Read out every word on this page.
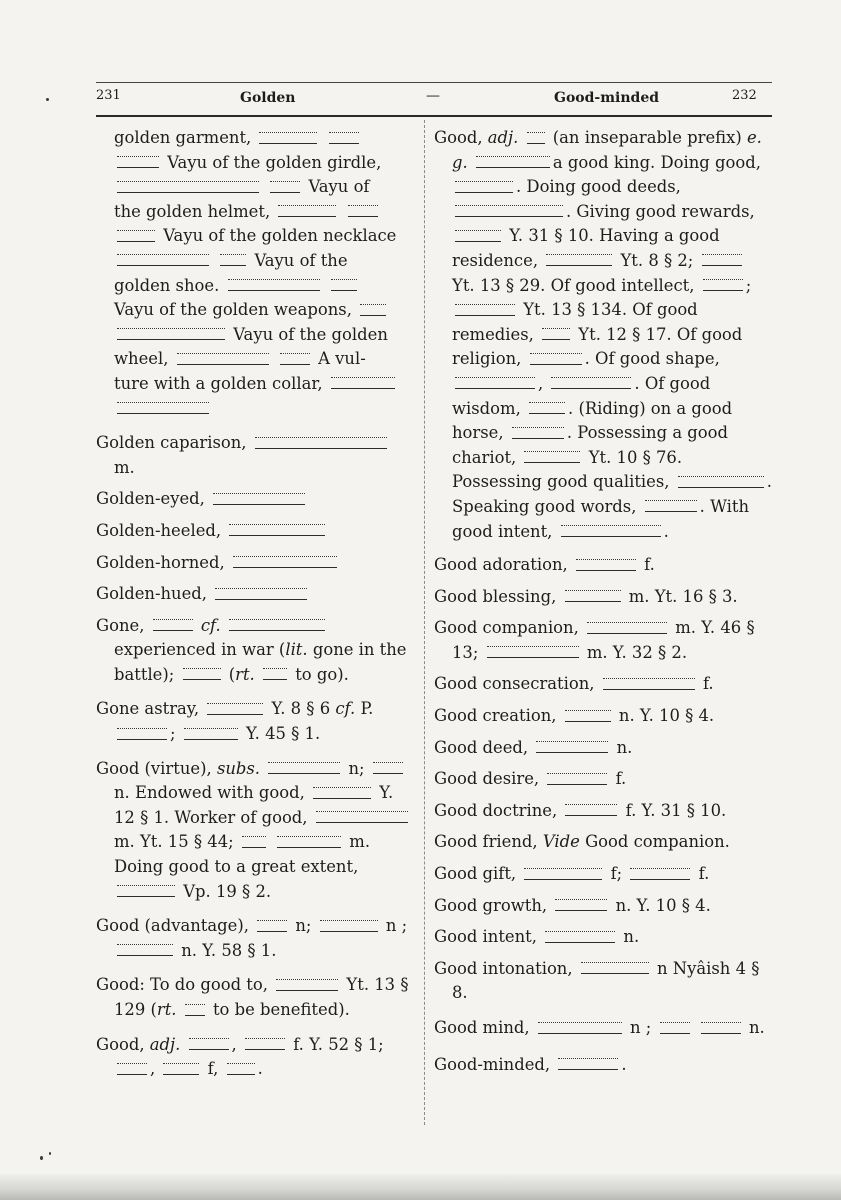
231	Golden	—	Good-minded	232
golden garment,
Vayu of the golden girdle,
Vayu of
the golden helmet,
Vayu of the golden necklace
Vayu of the
golden shoe.
Vayu of the golden weapons,
Vayu of the golden
wheel,	A vul-
ture with a golden collar,

Golden caparison,  m.
Golden-eyed,
Golden-heeled,
Golden-horned,
Golden-hued,
Gone,	cf.  experienced in war (lit. gone in the battle);	(rt. to go).
Gone astray,	Y. 8 § 6 cf. P. ;	Y. 45 § 1.
Good (virtue), subs.	n;  n. Endowed with good,	Y. 12 § 1. Worker of good,  m. Yt. 15 § 44;	m. Doing good to a great extent,  Vp. 19 § 2.
Good (advantage),	n;	n ;  n. Y. 58 § 1.
Good: To do good to,	Yt. 13 § 129 (rt. to be benefited).
Good, adj.	,	f. Y. 52 § 1; ,	f, .
Good, adj. (an inseparable prefix) e. g.	a good king. Doing good, . Doing good deeds, . Giving good rewards,  Y. 31 § 10. Having a good residence,	Yt. 8 § 2;  Yt. 13 § 29. Of good intellect,	;  Yt. 13 § 134. Of good remedies,	Yt. 12 § 17. Of good religion,	. Of good shape, ,	. Of good wisdom,	. (Riding) on a good horse,	. Possessing a good chariot,	Yt. 10 § 76. Possessing good qualities,	. Speaking good words,	. With good intent,	.
Good adoration,	f.
Good blessing,	m. Yt. 16 § 3.
Good companion,	m. Y. 46 § 13;	m. Y. 32 § 2.
Good consecration,	f.
Good creation,	n. Y. 10 § 4.
Good deed,	n.
Good desire,	f.
Good doctrine,	f. Y. 31 § 10.
Good friend, Vide Good companion.
Good gift,	f;	f.
Good growth,	n. Y. 10 § 4.
Good intent,	n.
Good intonation,	n Nyâish 4 § 8.
Good mind,	n ;	n.
Good-minded,	.
